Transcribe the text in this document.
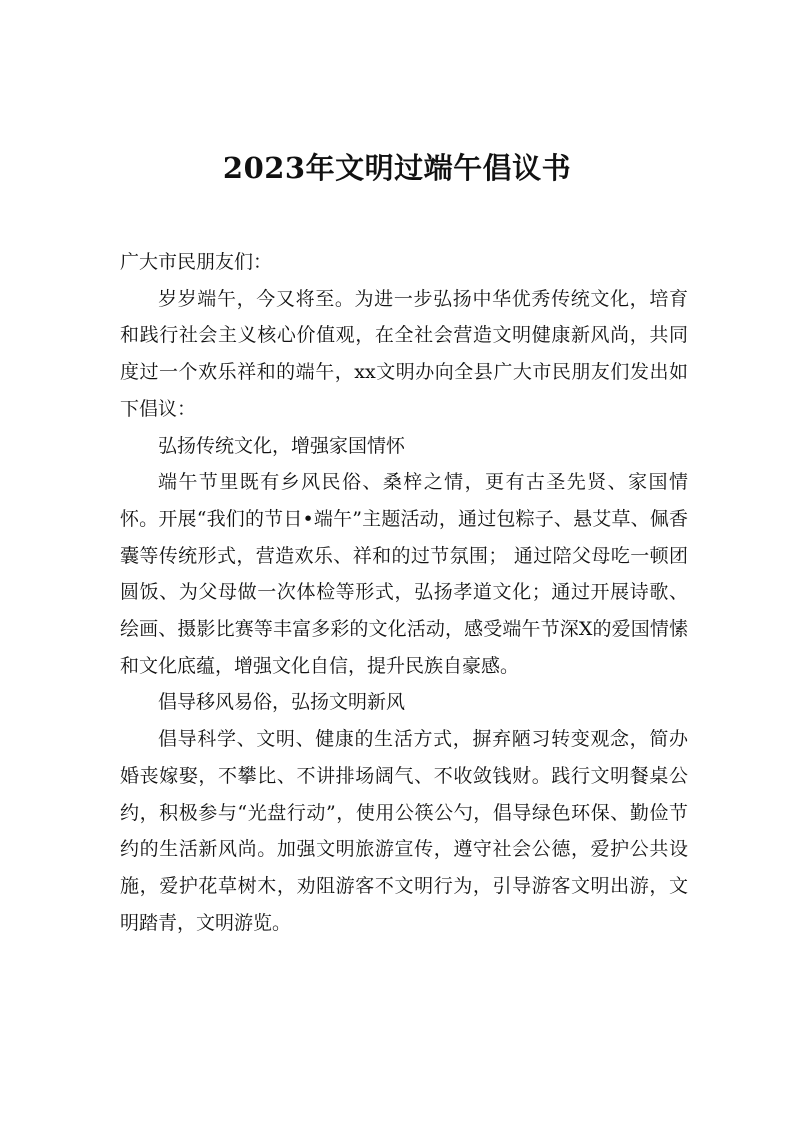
2023年文明过端午倡议书

广大市民朋友们：

岁岁端午，今又将至。为进一步弘扬中华优秀传统文化，培育和践行社会主义核心价值观，在全社会营造文明健康新风尚，共同度过一个欢乐祥和的端午，xx文明办向全县广大市民朋友们发出如下倡议：

弘扬传统文化，增强家国情怀

端午节里既有乡风民俗、桑梓之情，更有古圣先贤、家国情怀。开展“我们的节日•端午”主题活动，通过包粽子、悬艾草、佩香囊等传统形式，营造欢乐、祥和的过节氛围； 通过陪父母吃一顿团圆饭、为父母做一次体检等形式，弘扬孝道文化；通过开展诗歌、绘画、摄影比赛等丰富多彩的文化活动，感受端午节深X的爱国情愫和文化底蕴，增强文化自信，提升民族自豪感。

倡导移风易俗，弘扬文明新风

倡导科学、文明、健康的生活方式，摒弃陋习转变观念，简办婚丧嫁娶，不攀比、不讲排场阔气、不收敛钱财。践行文明餐桌公约，积极参与“光盘行动”，使用公筷公勺，倡导绿色环保、勤俭节约的生活新风尚。加强文明旅游宣传，遵守社会公德，爱护公共设施，爱护花草树木，劝阻游客不文明行为，引导游客文明出游，文明踏青，文明游览。
